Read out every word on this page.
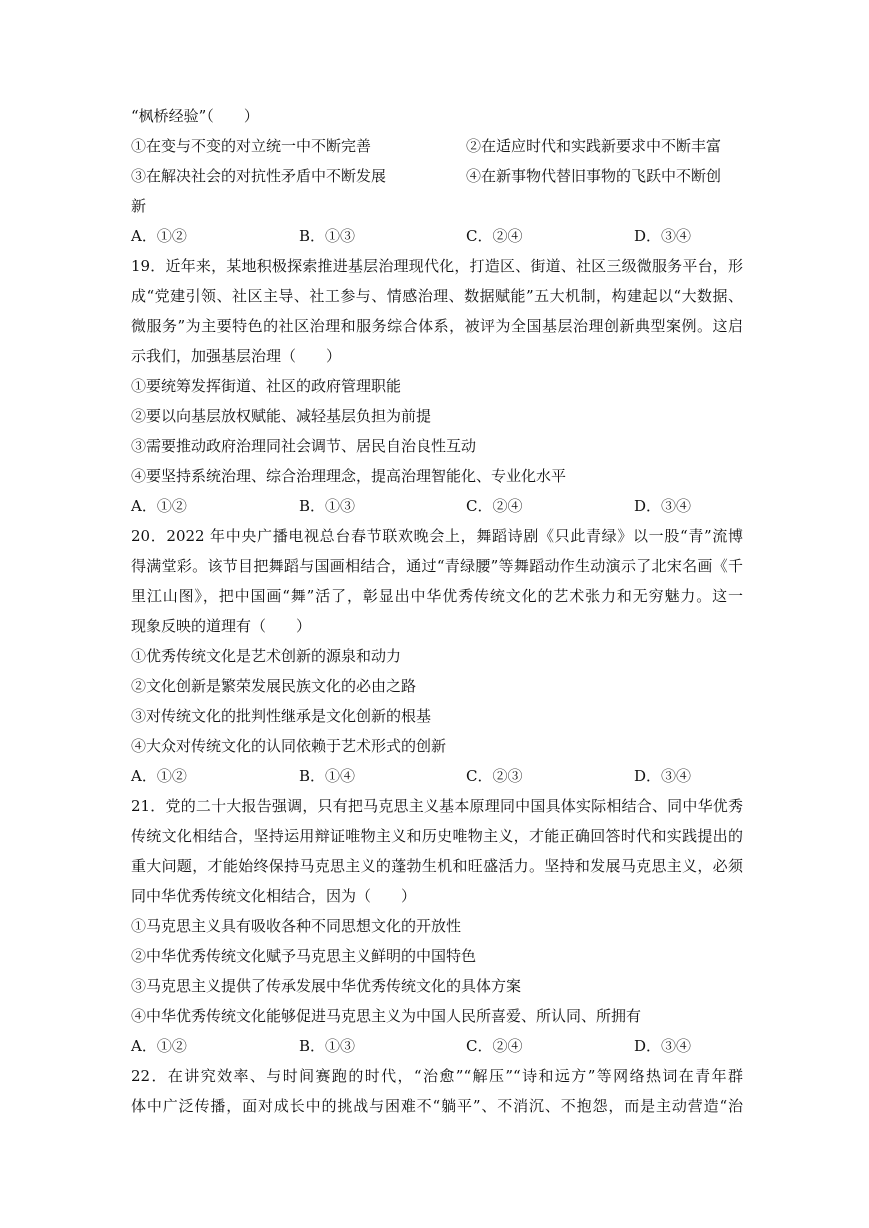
“枫桥经验”（　　）
①在变与不变的对立统一中不断完善	②在适应时代和实践新要求中不断丰富
③在解决社会的对抗性矛盾中不断发展	④在新事物代替旧事物的飞跃中不断创
新
A．①②	B．①③	C．②④	D．③④
19．近年来，某地积极探索推进基层治理现代化，打造区、街道、社区三级微服务平台，形
成“党建引领、社区主导、社工参与、情感治理、数据赋能”五大机制，构建起以“大数据、
微服务”为主要特色的社区治理和服务综合体系，被评为全国基层治理创新典型案例。这启
示我们，加强基层治理（　　）
①要统筹发挥街道、社区的政府管理职能
②要以向基层放权赋能、减轻基层负担为前提
③需要推动政府治理同社会调节、居民自治良性互动
④要坚持系统治理、综合治理理念，提高治理智能化、专业化水平
A．①②	B．①③	C．②④	D．③④
20．2022 年中央广播电视总台春节联欢晚会上，舞蹈诗剧《只此青绿》以一股“青”流博
得满堂彩。该节目把舞蹈与国画相结合，通过“青绿腰”等舞蹈动作生动演示了北宋名画《千
里江山图》，把中国画“舞”活了，彰显出中华优秀传统文化的艺术张力和无穷魅力。这一
现象反映的道理有（　　）
①优秀传统文化是艺术创新的源泉和动力
②文化创新是繁荣发展民族文化的必由之路
③对传统文化的批判性继承是文化创新的根基
④大众对传统文化的认同依赖于艺术形式的创新
A．①②	B．①④	C．②③	D．③④
21．党的二十大报告强调，只有把马克思主义基本原理同中国具体实际相结合、同中华优秀
传统文化相结合，坚持运用辩证唯物主义和历史唯物主义，才能正确回答时代和实践提出的
重大问题，才能始终保持马克思主义的蓬勃生机和旺盛活力。坚持和发展马克思主义，必须
同中华优秀传统文化相结合，因为（　　）
①马克思主义具有吸收各种不同思想文化的开放性
②中华优秀传统文化赋予马克思主义鲜明的中国特色
③马克思主义提供了传承发展中华优秀传统文化的具体方案
④中华优秀传统文化能够促进马克思主义为中国人民所喜爱、所认同、所拥有
A．①②	B．①③	C．②④	D．③④
22．在讲究效率、与时间赛跑的时代，“治愈”“解压”“诗和远方”等网络热词在青年群
体中广泛传播，面对成长中的挑战与困难不“躺平”、不消沉、不抱怨，而是主动营造“治
